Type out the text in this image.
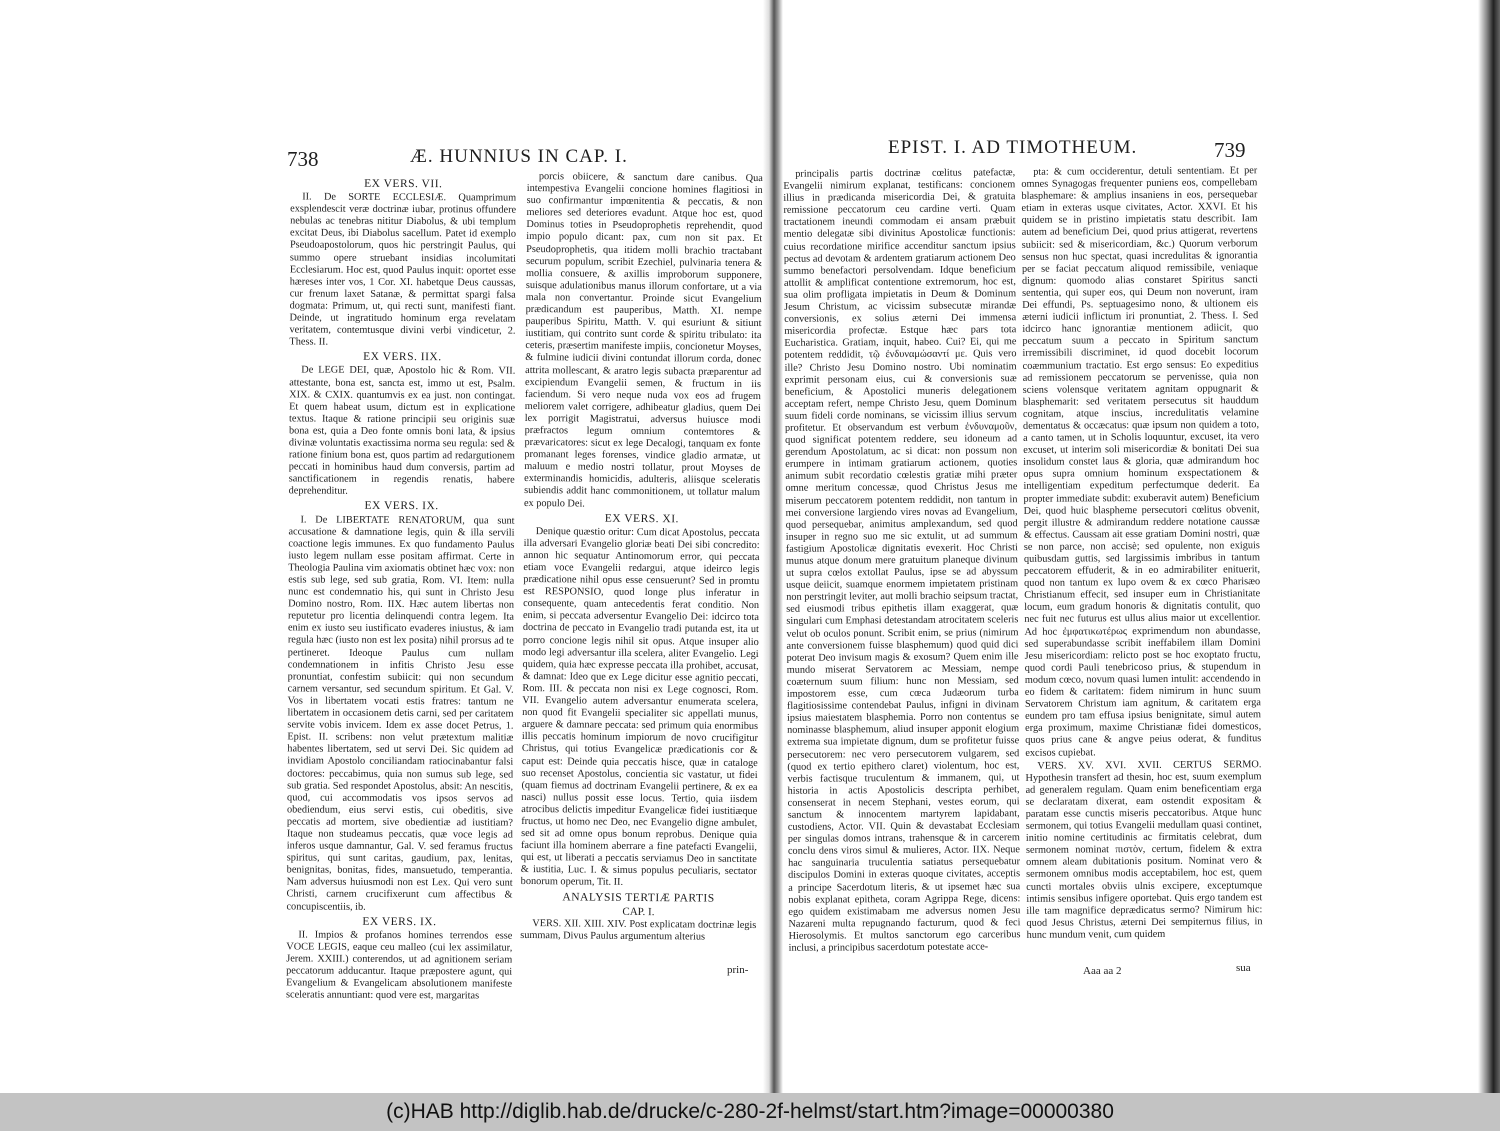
738	Æ. HUNNIUS IN CAP. I.
EX VERS. VII.

II. De SORTE ECCLESIÆ. Quamprimum exsplendescit veræ doctrinæ iubar, protinus offundere nebulas ac tenebras nititur Diabolus, & ubi templum excitat Deus, ibi Diabolus sacellum. Patet id exemplo Pseudoapostolorum, quos hic perstringit Paulus, qui summo opere struebant insidias incolumitati Ecclesiarum. Hoc est, quod Paulus inquit: oportet esse hæreses inter vos, 1 Cor. XI. habetque Deus caussas, cur frenum laxet Satanæ, & permittat spargi falsa dogmata: Primum, ut, qui recti sunt, manifesti fiant. Deinde, ut ingratitudo hominum erga revelatam veritatem, contemtusque divini verbi vindicetur, 2. Thess. II.

EX VERS. IIX.

De LEGE DEI, quæ, Apostolo hic & Rom. VII. attestante, bona est, sancta est, immo ut est, Psalm. XIX. & CXIX. quantumvis ex ea just. non contingat. Et quem habeat usum, dictum est in explicatione textus. Itaque & ratione principii seu originis suæ bona est, quia a Deo fonte omnis boni lata, & ipsius divinæ voluntatis exactissima norma seu regula: sed & ratione finium bona est, quos partim ad redargutionem peccati in hominibus haud dum conversis, partim ad sanctificationem in regendis renatis, habere deprehenditur.

EX VERS. IX.

I. De LIBERTATE RENATORUM, qua sunt accusatione & damnatione legis, quin & illa servili coactione legis immunes. Ex quo fundamento Paulus iusto legem nullam esse positam affirmat. Certe in Theologia Paulina vim axiomatis obtinet hæc vox: non estis sub lege, sed sub gratia, Rom. VI. Item: nulla nunc est condemnatio his, qui sunt in Christo Jesu Domino nostro, Rom. IIX. Hæc autem libertas non reputetur pro licentia delinquendi contra legem. Ita enim ex iusto seu iustificato evaderes iniustus, & iam regula hæc (iusto non est lex posita) nihil prorsus ad te pertineret. Ideoque Paulus cum nullam condemnationem in infitis Christo Jesu esse pronuntiat, confestim subiicit: qui non secundum carnem versantur, sed secundum spiritum. Et Gal. V. Vos in libertatem vocati estis fratres: tantum ne libertatem in occasionem detis carni, sed per caritatem servite vobis invicem. Idem ex asse docet Petrus, 1. Epist. II. scribens: non velut prætextum malitiæ habentes libertatem, sed ut servi Dei. Sic quidem ad invidiam Apostolo conciliandam ratiocinabantur falsi doctores: peccabimus, quia non sumus sub lege, sed sub gratia. Sed respondet Apostolus, absit: An nescitis, quod, cui accommodatis vos ipsos servos ad obediendum, eius servi estis, cui obeditis, sive peccatis ad mortem, sive obedientiæ ad iustitiam? Itaque non studeamus peccatis, quæ voce legis ad inferos usque damnantur, Gal. V. sed feramus fructus spiritus, qui sunt caritas, gaudium, pax, lenitas, benignitas, bonitas, fides, mansuetudo, temperantia. Nam adversus huiusmodi non est Lex. Qui vero sunt Christi, carnem crucifixerunt cum affectibus & concupiscentiis, ib.

EX VERS. IX.

II. Impios & profanos homines terrendos esse VOCE LEGIS, eaque ceu malleo (cui lex assimilatur, Jerem. XXIII.) conterendos, ut ad agnitionem seriam peccatorum adducantur. Itaque præpostere agunt, qui Evangelium & Evangelicam absolutionem manifeste sceleratis annuntiant: quod vere est, margaritas

porcis obiicere, & sanctum dare canibus. Qua intempestiva Evangelii concione homines flagitiosi in suo confirmantur impœnitentia & peccatis, & non meliores sed deteriores evadunt. Atque hoc est, quod Dominus toties in Pseudoprophetis reprehendit, quod impio populo dicant: pax, cum non sit pax. Et Pseudoprophetis, qua itidem molli brachio tractabant securum populum, scribit Ezechiel, pulvinaria tenera & mollia consuere, & axillis improborum supponere, suisque adulationibus manus illorum confortare, ut a via mala non convertantur. Proinde sicut Evangelium prædicandum est pauperibus, Matth. XI. nempe pauperibus Spiritu, Matth. V. qui esuriunt & sitiunt iustitiam, qui contrito sunt corde & spiritu tribulato: ita ceteris, præsertim manifeste impiis, concionetur Moyses, & fulmine iudicii divini contundat illorum corda, donec attrita mollescant, & aratro legis subacta præparentur ad excipiendum Evangelii semen, & fructum in iis faciendum. Si vero neque nuda vox eos ad frugem meliorem valet corrigere, adhibeatur gladius, quem Dei lex porrigit Magistratui, adversus huiusce modi præfractos legum omnium contemtores & prævaricatores: sicut ex lege Decalogi, tanquam ex fonte promanant leges forenses, vindice gladio armatæ, ut maluum e medio nostri tollatur, prout Moyses de exterminandis homicidis, adulteris, aliisque sceleratis subiendis addit hanc commonitionem, ut tollatur malum ex populo Dei.

EX VERS. XI.

Denique quæstio oritur: Cum dicat Apostolus, peccata illa adversari Evangelio gloriæ beati Dei sibi concredito: annon hic sequatur Antinomorum error, qui peccata etiam voce Evangelii redargui, atque ideirco legis prædicatione nihil opus esse censuerunt? Sed in promtu est RESPONSIO, quod longe plus inferatur in consequente, quam antecedentis ferat conditio. Non enim, si peccata adversentur Evangelio Dei: idcirco tota doctrina de peccato in Evangelio tradi putanda est, ita ut porro concione legis nihil sit opus. Atque insuper alio modo legi adversantur illa scelera, aliter Evangelio. Legi quidem, quia hæc expresse peccata illa prohibet, accusat, & damnat: Ideo que ex Lege dicitur esse agnitio peccati, Rom. III. & peccata non nisi ex Lege cognosci, Rom. VII. Evangelio autem adversantur enumerata scelera, non quod fit Evangelii specialiter sic appellati munus, arguere & damnare peccata: sed primum quia enormibus illis peccatis hominum impiorum de novo crucifigitur Christus, qui totius Evangelicæ prædicationis cor & caput est: Deinde quia peccatis hisce, quæ in cataloge suo recenset Apostolus, concientia sic vastatur, ut fidei (quam fiemus ad doctrinam Evangelii pertinere, & ex ea nasci) nullus possit esse locus. Tertio, quia iisdem atrocibus delictis impeditur Evangelicæ fidei iustitiæque fructus, ut homo nec Deo, nec Evangelio digne ambulet, sed sit ad omne opus bonum reprobus. Denique quia faciunt illa hominem aberrare a fine patefacti Evangelii, qui est, ut liberati a peccatis serviamus Deo in sanctitate & iustitia, Luc. I. & simus populus peculiaris, sectator bonorum operum, Tit. II.

ANALYSIS TERTIÆ PARTIS
CAP. I.

VERS. XII. XIII. XIV. Post explicatam doctrinæ legis summam, Divus Paulus argumentum alterius

prin-
EPIST. I. AD TIMOTHEUM.	739

principalis partis doctrinæ cœlitus patefactæ, Evangelii nimirum explanat, testificans: concionem illius in prædicanda misericordia Dei, & gratuita remissione peccatorum ceu cardine verti. Quam tractationem ineundi commodam ei ansam præbuit mentio delegatæ sibi divinitus Apostolicæ functionis: cuius recordatione mirifice accenditur sanctum ipsius pectus ad devotam & ardentem gratiarum actionem Deo summo benefactori persolvendam. Idque beneficium attollit & amplificat contentione extremorum, hoc est, sua olim profligata impietatis in Deum & Dominum Jesum Christum, ac vicissim subsecutæ mirandæ conversionis, ex solius æterni Dei immensa misericordia profectæ. Estque hæc pars tota Eucharistica. Gratiam, inquit, habeo. Cui? Ei, qui me potentem reddidit, τῷ ἐνδυναμώσαντί με. Quis vero ille? Christo Jesu Domino nostro. Ubi nominatim exprimit personam eius, cui & conversionis suæ beneficium, & Apostolici muneris delegationem acceptam refert, nempe Christo Jesu, quem Dominum suum fideli corde nominans, se vicissim illius servum profitetur. Et observandum est verbum ἐνδυναμοῦν, quod significat potentem reddere, seu idoneum ad gerendum Apostolatum, ac si dicat: non possum non erumpere in intimam gratiarum actionem, quoties animum subit recordatio cœlestis gratiæ mihi præter omne meritum concessæ, quod Christus Jesus me miserum peccatorem potentem reddidit, non tantum in mei conversione largiendo vires novas ad Evangelium, quod persequebar, animitus amplexandum, sed quod insuper in regno suo me sic extulit, ut ad summum fastigium Apostolicæ dignitatis evexerit. Hoc Christi munus atque donum mere gratuitum planeque divinum ut supra cœlos extollat Paulus, ipse se ad abyssum usque deiicit, suamque enormem impietatem pristinam non perstringit leviter, aut molli brachio seipsum tractat, sed eiusmodi tribus epithetis illam exaggerat, quæ singulari cum Emphasi detestandam atrocitatem sceleris velut ob oculos ponunt. Scribit enim, se prius (nimirum ante conversionem fuisse blasphemum) quod quid dici poterat Deo invisum magis & exosum? Quem enim ille mundo miserat Servatorem ac Messiam, nempe coæternum suum filium: hunc non Messiam, sed impostorem esse, cum cœca Judæorum turba flagitiosissime contendebat Paulus, infigni in divinam ipsius maiestatem blasphemia. Porro non contentus se nominasse blasphemum, aliud insuper apponit elogium extrema sua impietate dignum, dum se profitetur fuisse persecutorem: nec vero persecutorem vulgarem, sed (quod ex tertio epithero claret) violentum, hoc est, verbis factisque truculentum & immanem, qui, ut historia in actis Apostolicis descripta perhibet, consenserat in necem Stephani, vestes eorum, qui sanctum & innocentem martyrem lapidabant, custodiens, Actor. VII. Quin & devastabat Ecclesiam per singulas domos intrans, trahensque & in carcerem conclu dens viros simul & mulieres, Actor. IIX. Neque hac sanguinaria truculentia satiatus persequebatur discipulos Domini in exteras quoque civitates, acceptis a principe Sacerdotum literis, & ut ipsemet hæc sua nobis explanat epitheta, coram Agrippa Rege, dicens: ego quidem existimabam me adversus nomen Jesu Nazareni multa repugnando facturum, quod & feci Hierosolymis. Et multos sanctorum ego carceribus inclusi, a principibus sacerdotum potestate acce-

pta: & cum occiderentur, detuli sententiam. Et per omnes Synagogas frequenter puniens eos, compellebam blasphemare: & amplius insaniens in eos, persequebar etiam in exteras usque civitates, Actor. XXVI. Et his quidem se in pristino impietatis statu describit. Iam autem ad beneficium Dei, quod prius attigerat, revertens subiicit: sed & misericordiam, &c.) Quorum verborum sensus non huc spectat, quasi incredulitas & ignorantia per se faciat peccatum aliquod remissibile, veniaque dignum: quomodo alias constaret Spiritus sancti sententia, qui super eos, qui Deum non noverunt, iram Dei effundi, Ps. septuagesimo nono, & ultionem eis æterni iudicii inflictum iri pronuntiat, 2. Thess. I. Sed idcirco hanc ignorantiæ mentionem adiicit, quo peccatum suum a peccato in Spiritum sanctum irremissibili discriminet, id quod docebit locorum coæmmunium tractatio. Est ergo sensus: Eo expeditius ad remissionem peccatorum se pervenisse, quia non sciens volensque veritatem agnitam oppugnarit & blasphemarit: sed veritatem persecutus sit hauddum cognitam, atque inscius, incredulitatis velamine dementatus & occæcatus: quæ ipsum non quidem a toto, a canto tamen, ut in Scholis loquuntur, excuset, ita vero excuset, ut interim soli misericordiæ & bonitati Dei sua insolidum constet laus & gloria, quæ admirandum hoc opus supra omnium hominum exspectationem & intelligentiam expeditum perfectumque dederit. Ea propter immediate subdit: exuberavit autem) Beneficium Dei, quod huic blaspheme persecutori cœlitus obvenit, pergit illustre & admirandum reddere notatione caussæ & effectus. Caussam ait esse gratiam Domini nostri, quæ se non parce, non accisè; sed opulente, non exiguis quibusdam guttis, sed largissimis imbribus in tantum peccatorem effuderit, & in eo admirabiliter enituerit, quod non tantum ex lupo ovem & ex cœco Pharisæo Christianum effecit, sed insuper eum in Christianitate locum, eum gradum honoris & dignitatis contulit, quo nec fuit nec futurus est ullus alius maior ut excellentior. Ad hoc ἐμφατικωτέρως exprimendum non abundasse, sed superabundasse scribit ineffabilem illam Domini Jesu misericordiam: relicto post se hoc exoptato fructu, quod cordi Pauli tenebricoso prius, & stupendum in modum cœco, novum quasi lumen intulit: accendendo in eo fidem & caritatem: fidem nimirum in hunc suum Servatorem Christum iam agnitum, & caritatem erga eundem pro tam effusa ipsius benignitate, simul autem erga proximum, maxime Christianæ fidei domesticos, quos prius cane & angve peius oderat, & funditus excisos cupiebat.

VERS. XV. XVI. XVII. CERTUS SERMO. Hypothesin transfert ad thesin, hoc est, suum exemplum ad generalem regulam. Quam enim beneficentiam erga se declaratam dixerat, eam ostendit expositam & paratam esse cunctis miseris peccatoribus. Atque hunc sermonem, qui totius Evangelii medullam quasi continet, initio nomine certitudinis ac firmitatis celebrat, dum sermonem nominat πιστὸν, certum, fidelem & extra omnem aleam dubitationis positum. Nominat vero & sermonem omnibus modis acceptabilem, hoc est, quem cuncti mortales obviis ulnis excipere, exceptumque intimis sensibus infigere oportebat. Quis ergo tandem est ille tam magnifice deprædicatus sermo? Nimirum hic: quod Jesus Christus, æterni Dei sempiternus filius, in hunc mundum venit, cum quidem

Aaa aa 2	sua
(c)HAB http://diglib.hab.de/drucke/c-280-2f-helmst/start.htm?image=00000380
